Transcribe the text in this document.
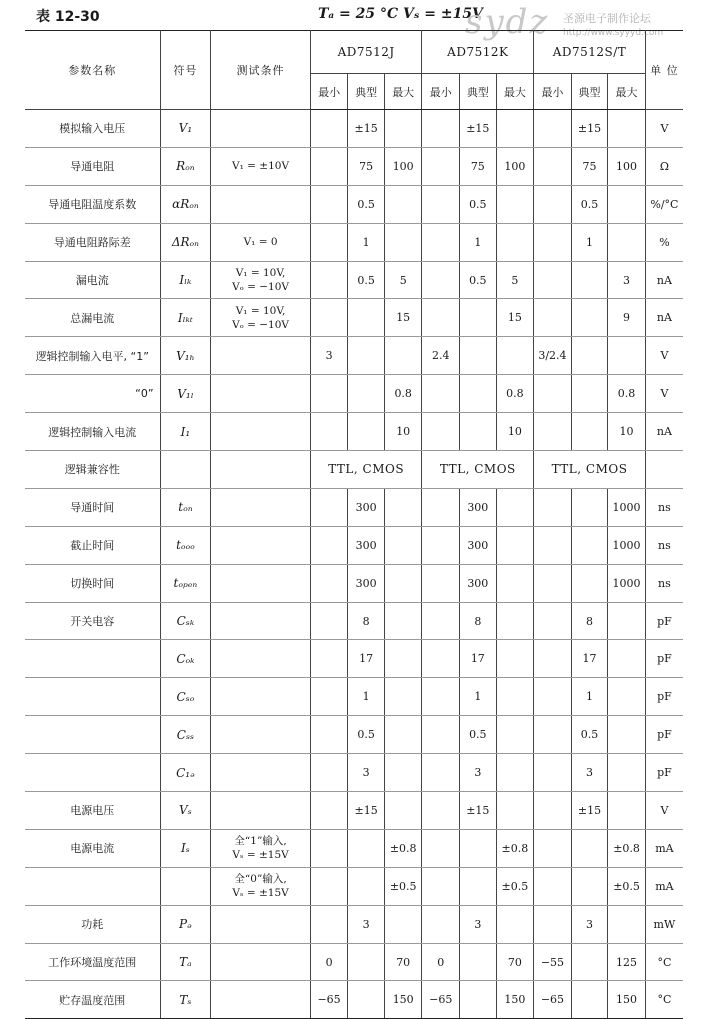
表 12-30	Tₐ = 25 °C Vₛ = ±15V
sydz 圣源电子制作论坛
http://www.syyyd.com
参数名称	符号	测试条件	AD7512J			AD7512K			AD7512S/T			单 位
			最小	典型	最大	最小	典型	最大	最小	典型	最大	
模拟输入电压	V₁			±15			±15			±15		V
导通电阻	Rₒₙ	V₁ = ±10V		75	100		75	100		75	100	Ω
导通电阻温度系数	αRₒₙ			0.5			0.5			0.5		%/°C
导通电阻路际差	ΔRₒₙ	V₁ = 0		1			1			1		%
漏电流	Iₗₖ	V₁ = 10V,
Vₒ = −10V		0.5	5		0.5	5			3	nA
总漏电流	Iₗₖₜ	V₁ = 10V,
Vₒ = −10V			15			15			9	nA
逻辑控制输入电平, “1”	V₁ₕ		3			2.4			3/2.4			V
“0”	V₁ₗ				0.8			0.8			0.8	V
逻辑控制输入电流	I₁				10			10			10	nA
逻辑兼容性			TTL, CMOS			TTL, CMOS			TTL, CMOS			
导通时间	tₒₙ			300			300				1000	ns
截止时间	tₒₒₒ			300			300				1000	ns
切换时间	tₒₚₑₙ			300			300				1000	ns
开关电容	Cₛₖ			8			8			8		pF
	Cₒₖ			17			17			17		pF
	Cₛₒ			1			1			1		pF
	Cₛₛ			0.5			0.5			0.5		pF
	C₁ₔ			3			3			3		pF
电源电压	Vₛ			±15			±15			±15		V
电源电流	Iₛ	全“1”输入,
Vₛ = ±15V			±0.8			±0.8			±0.8	mA

		全“0”输入,
Vₛ = ±15V			±0.5			±0.5			±0.5	mA
功耗	Pₔ			3			3			3		mW
工作环境温度范围	Tₐ		0		70	0		70	−55		125	°C
贮存温度范围	Tₛ		−65		150	−65		150	−65		150	°C
